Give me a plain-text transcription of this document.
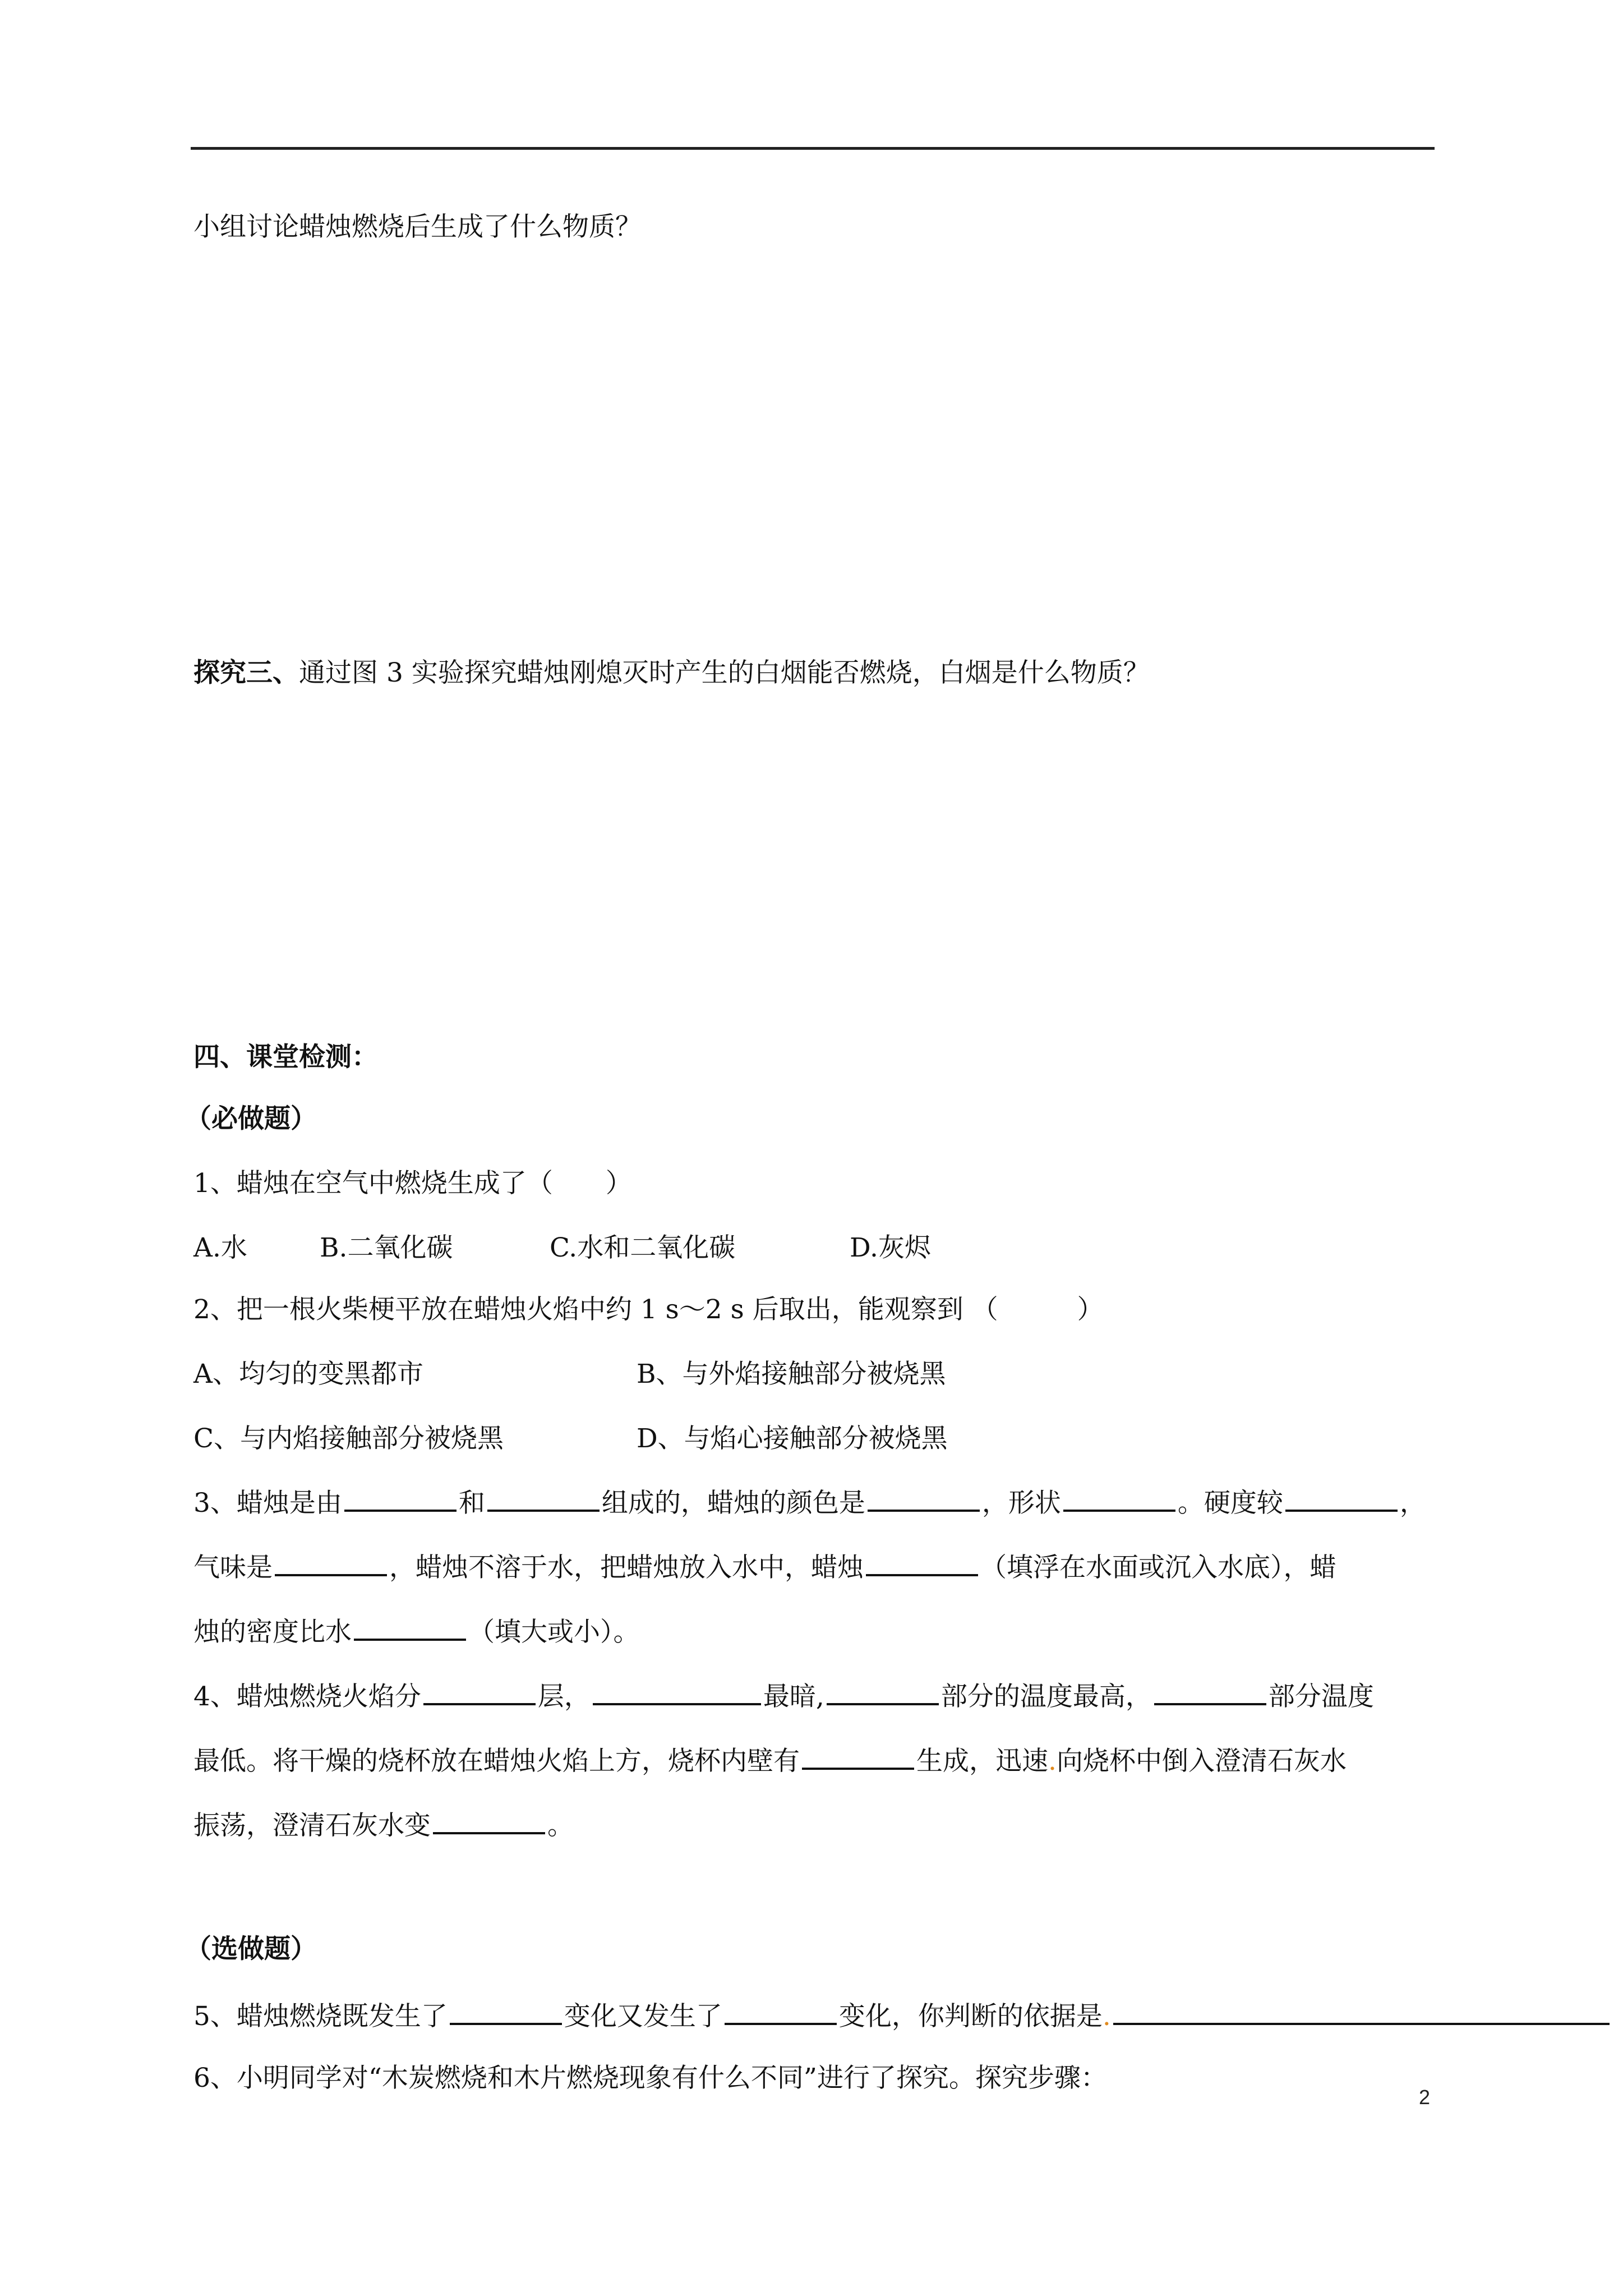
小组讨论蜡烛燃烧后生成了什么物质？
探究三、通过图 3 实验探究蜡烛刚熄灭时产生的白烟能否燃烧，白烟是什么物质？
四、课堂检测：
（必做题）
1、蜡烛在空气中燃烧生成了（　　）
A.水	B.二氧化碳	C.水和二氧化碳	D.灰烬
2、把一根火柴梗平放在蜡烛火焰中约 1 s～2 s 后取出，能观察到 （　　　）
A、均匀的变黑都市	B、与外焰接触部分被烧黑
C、与内焰接触部分被烧黑	D、与焰心接触部分被烧黑
3、蜡烛是由	和	组成的，蜡烛的颜色是	，形状	。硬度较	，
气味是	，蜡烛不溶于水，把蜡烛放入水中，蜡烛	（填浮在水面或沉入水底），蜡
烛的密度比水	（填大或小）。
4、蜡烛燃烧火焰分	层，	最暗,	部分的温度最高，	部分温度
最低。将干燥的烧杯放在蜡烛火焰上方，烧杯内壁有	生成，迅速.向烧杯中倒入澄清石灰水
振荡，澄清石灰水变	。
（选做题）
5、蜡烛燃烧既发生了	变化又发生了	变化，你判断的依据是.
6、小明同学对“木炭燃烧和木片燃烧现象有什么不同”进行了探究。探究步骤：
2
